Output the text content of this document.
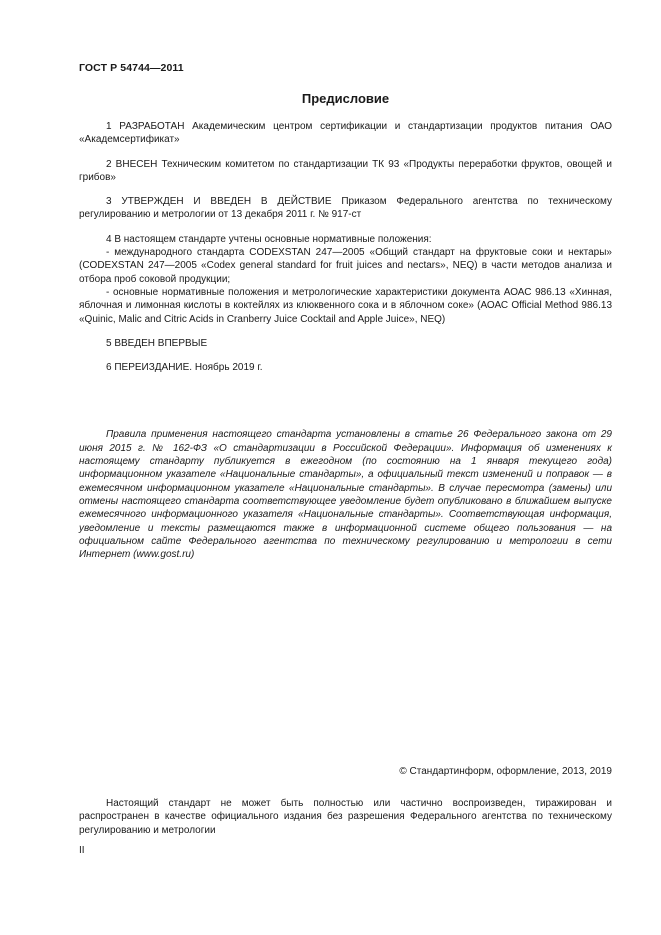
ГОСТ Р 54744—2011
Предисловие

1 РАЗРАБОТАН Академическим центром сертификации и стандартизации продуктов питания ОАО «Академсертификат»

2 ВНЕСЕН Техническим комитетом по стандартизации ТК 93 «Продукты переработки фруктов, овощей и грибов»

3 УТВЕРЖДЕН И ВВЕДЕН В ДЕЙСТВИЕ Приказом Федерального агентства по техническому регулированию и метрологии от 13 декабря 2011 г. № 917-ст

4 В настоящем стандарте учтены основные нормативные положения:

- международного стандарта CODEXSTAN 247—2005 «Общий стандарт на фруктовые соки и нектары» (CODEXSTAN 247—2005 «Codex general standard for fruit juices and nectars», NEQ) в части методов анализа и отбора проб соковой продукции;

- основные нормативные положения и метрологические характеристики документа АОАС 986.13 «Хинная, яблочная и лимонная кислоты в коктейлях из клюквенного сока и в яблочном соке» (АОАС Official Method 986.13 «Quinic, Malic and Citric Acids in Cranberry Juice Cocktail and Apple Juice», NEQ)

5 ВВЕДЕН ВПЕРВЫЕ

6 ПЕРЕИЗДАНИЕ. Ноябрь 2019 г.

Правила применения настоящего стандарта установлены в статье 26 Федерального закона от 29 июня 2015 г. № 162-ФЗ «О стандартизации в Российской Федерации». Информация об изменениях к настоящему стандарту публикуется в ежегодном (по состоянию на 1 января текущего года) информационном указателе «Национальные стандарты», а официальный текст изменений и поправок — в ежемесячном информационном указателе «Национальные стандарты». В случае пересмотра (замены) или отмены настоящего стандарта соответствующее уведомление будет опубликовано в ближайшем выпуске ежемесячного информационного указателя «Национальные стандарты». Соответствующая информация, уведомление и тексты размещаются также в информационной системе общего пользования — на официальном сайте Федерального агентства по техническому регулированию и метрологии в сети Интернет (www.gost.ru)

© Стандартинформ, оформление, 2013, 2019
Настоящий стандарт не может быть полностью или частично воспроизведен, тиражирован и распространен в качестве официального издания без разрешения Федерального агентства по техническому регулированию и метрологии
II
